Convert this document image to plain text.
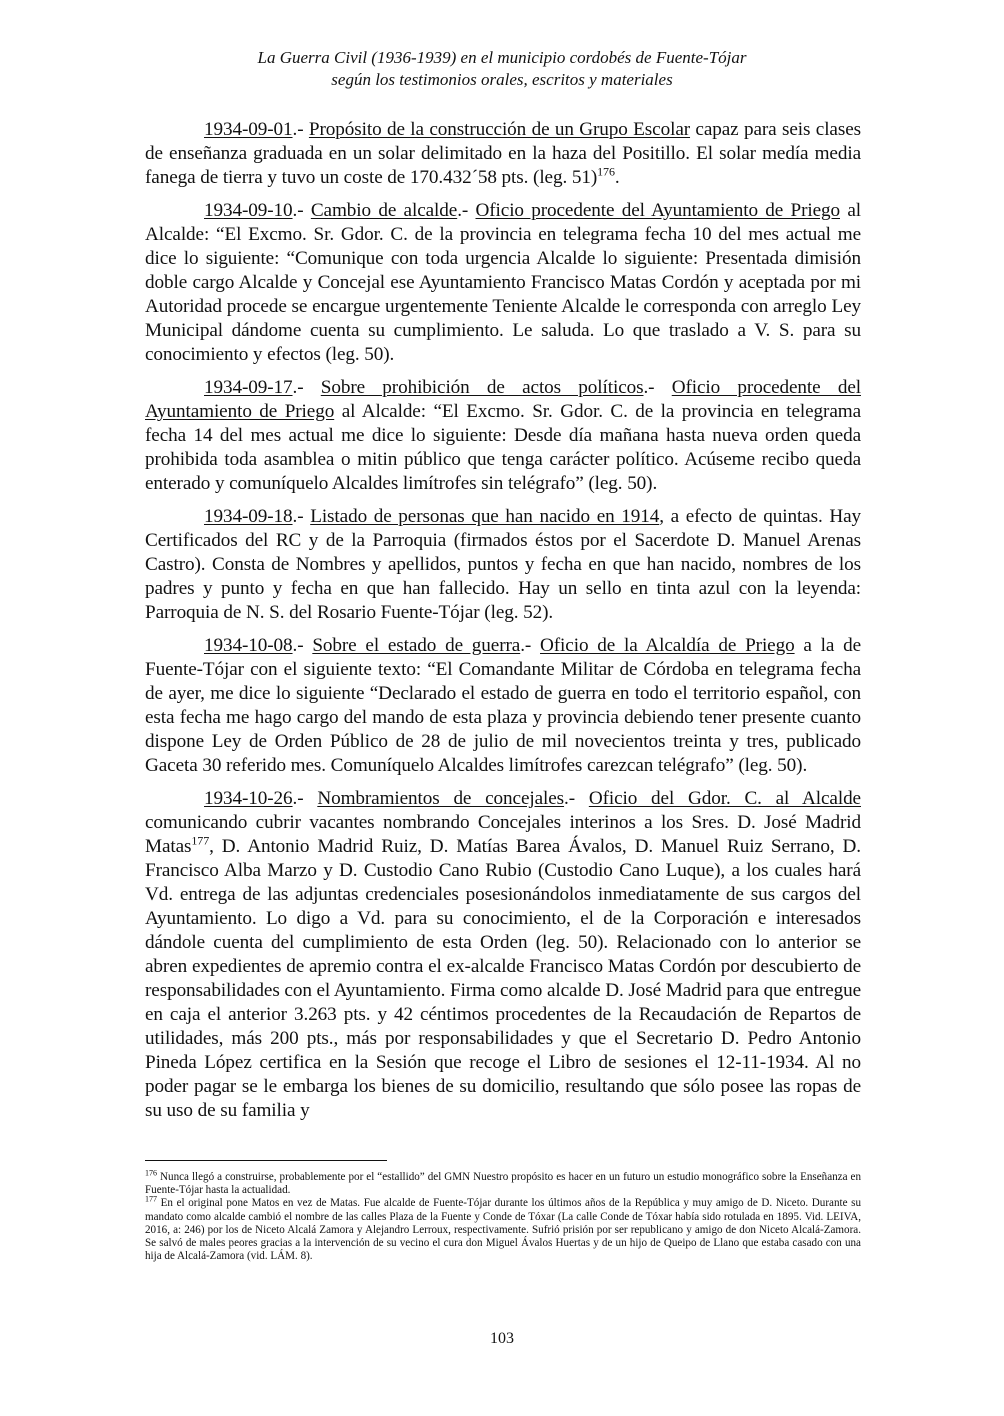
La Guerra Civil (1936-1939) en el municipio cordobés de Fuente-Tójar
según los testimonios orales, escritos y materiales

1934-09-01.- Propósito de la construcción de un Grupo Escolar capaz para seis clases de enseñanza graduada en un solar delimitado en la haza del Positillo. El solar medía media fanega de tierra y tuvo un coste de 170.432´58 pts. (leg. 51)$^{176}$.

1934-09-10.- Cambio de alcalde.- Oficio procedente del Ayuntamiento de Priego al Alcalde: “El Excmo. Sr. Gdor. C. de la provincia en telegrama fecha 10 del mes actual me dice lo siguiente: “Comunique con toda urgencia Alcalde lo siguiente: Presentada dimisión doble cargo Alcalde y Concejal ese Ayuntamiento Francisco Matas Cordón y aceptada por mi Autoridad procede se encargue urgentemente Teniente Alcalde le corresponda con arreglo Ley Municipal dándome cuenta su cumplimiento. Le saluda. Lo que traslado a V. S. para su conocimiento y efectos (leg. 50).

1934-09-17.- Sobre prohibición de actos políticos.- Oficio procedente del Ayuntamiento de Priego al Alcalde: “El Excmo. Sr. Gdor. C. de la provincia en telegrama fecha 14 del mes actual me dice lo siguiente: Desde día mañana hasta nueva orden queda prohibida toda asamblea o mitin público que tenga carácter político. Acúseme recibo queda enterado y comuníquelo Alcaldes limítrofes sin telégrafo” (leg. 50).

1934-09-18.- Listado de personas que han nacido en 1914, a efecto de quintas. Hay Certificados del RC y de la Parroquia (firmados éstos por el Sacerdote D. Manuel Arenas Castro). Consta de Nombres y apellidos, puntos y fecha en que han nacido, nombres de los padres y punto y fecha en que han fallecido. Hay un sello en tinta azul con la leyenda: Parroquia de N. S. del Rosario Fuente-Tójar (leg. 52).

1934-10-08.- Sobre el estado de guerra.- Oficio de la Alcaldía de Priego a la de Fuente-Tójar con el siguiente texto: “El Comandante Militar de Córdoba en telegrama fecha de ayer, me dice lo siguiente “Declarado el estado de guerra en todo el territorio español, con esta fecha me hago cargo del mando de esta plaza y provincia debiendo tener presente cuanto dispone Ley de Orden Público de 28 de julio de mil novecientos treinta y tres, publicado Gaceta 30 referido mes. Comuníquelo Alcaldes limítrofes carezcan telégrafo” (leg. 50).

1934-10-26.- Nombramientos de concejales.- Oficio del Gdor. C. al Alcalde comunicando cubrir vacantes nombrando Concejales interinos a los Sres. D. José Madrid Matas$^{177}$, D. Antonio Madrid Ruiz, D. Matías Barea Ávalos, D. Manuel Ruiz Serrano, D. Francisco Alba Marzo y D. Custodio Cano Rubio (Custodio Cano Luque), a los cuales hará Vd. entrega de las adjuntas credenciales posesionándolos inmediatamente de sus cargos del Ayuntamiento. Lo digo a Vd. para su conocimiento, el de la Corporación e interesados dándole cuenta del cumplimiento de esta Orden (leg. 50). Relacionado con lo anterior se abren expedientes de apremio contra el ex-alcalde Francisco Matas Cordón por descubierto de responsabilidades con el Ayuntamiento. Firma como alcalde D. José Madrid para que entregue en caja el anterior 3.263 pts. y 42 céntimos procedentes de la Recaudación de Repartos de utilidades, más 200 pts., más por responsabilidades y que el Secretario D. Pedro Antonio Pineda López certifica en la Sesión que recoge el Libro de sesiones el 12-11-1934. Al no poder pagar se le embarga los bienes de su domicilio, resultando que sólo posee las ropas de su uso de su familia y

$^{176}$ Nunca llegó a construirse, probablemente por el “estallido” del GMN Nuestro propósito es hacer en un futuro un estudio monográfico sobre la Enseñanza en Fuente-Tójar hasta la actualidad.

$^{177}$ En el original pone Matos en vez de Matas. Fue alcalde de Fuente-Tójar durante los últimos años de la República y muy amigo de D. Niceto. Durante su mandato como alcalde cambió el nombre de las calles Plaza de la Fuente y Conde de Tóxar (La calle Conde de Tóxar había sido rotulada en 1895. Vid. LEIVA, 2016, a: 246) por los de Niceto Alcalá Zamora y Alejandro Lerroux, respectivamente. Sufrió prisión por ser republicano y amigo de don Niceto Alcalá-Zamora. Se salvó de males peores gracias a la intervención de su vecino el cura don Miguel Ávalos Huertas y de un hijo de Queipo de Llano que estaba casado con una hija de Alcalá-Zamora (vid. LÁM. 8).

103
